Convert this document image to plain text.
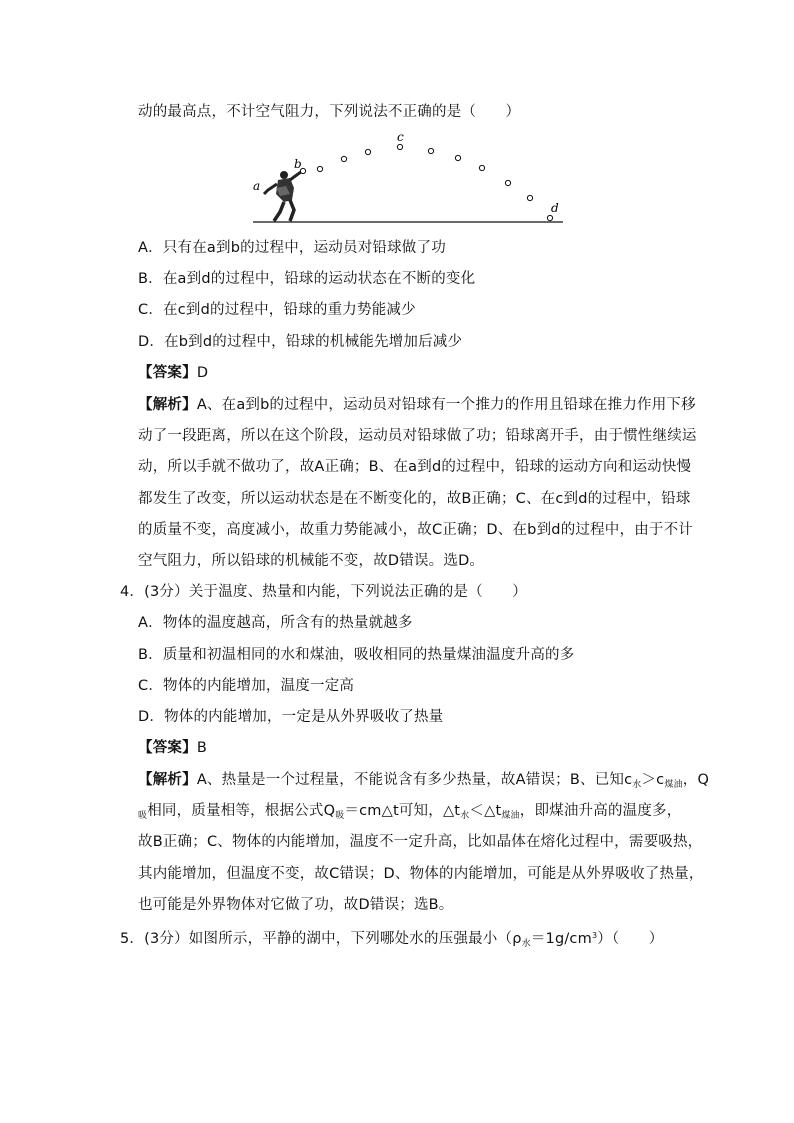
动的最高点，不计空气阻力，下列说法不正确的是（　　）
a
b
c
d
A．只有在a到b的过程中，运动员对铅球做了功
B．在a到d的过程中，铅球的运动状态在不断的变化
C．在c到d的过程中，铅球的重力势能减少
D．在b到d的过程中，铅球的机械能先增加后减少
【答案】D
【解析】A、在a到b的过程中，运动员对铅球有一个推力的作用且铅球在推力作用下移
动了一段距离，所以在这个阶段，运动员对铅球做了功；铅球离开手，由于惯性继续运
动，所以手就不做功了，故A正确；B、在a到d的过程中，铅球的运动方向和运动快慢
都发生了改变，所以运动状态是在不断变化的，故B正确；C、在c到d的过程中，铅球
的质量不变，高度减小，故重力势能减小，故C正确；D、在b到d的过程中，由于不计
空气阻力，所以铅球的机械能不变，故D错误。选D。
4．(3分）关于温度、热量和内能，下列说法正确的是（　　）
A．物体的温度越高，所含有的热量就越多
B．质量和初温相同的水和煤油，吸收相同的热量煤油温度升高的多
C．物体的内能增加，温度一定高
D．物体的内能增加，一定是从外界吸收了热量
【答案】B
【解析】A、热量是一个过程量，不能说含有多少热量，故A错误；B、已知$c_水>c_{煤油}$，Q
$_吸$相同，质量相等，根据公式$Q_吸=cm\triangle t$可知，$\triangle t_水<\triangle t_{煤油}$，即煤油升高的温度多，
故B正确；C、物体的内能增加，温度不一定升高，比如晶体在熔化过程中，需要吸热，
其内能增加，但温度不变，故C错误；D、物体的内能增加，可能是从外界吸收了热量，
也可能是外界物体对它做了功，故D错误；选B。
5．(3分）如图所示，平静的湖中，下列哪处水的压强最小$(\rho_水=1g/cm^3)$（　　）
